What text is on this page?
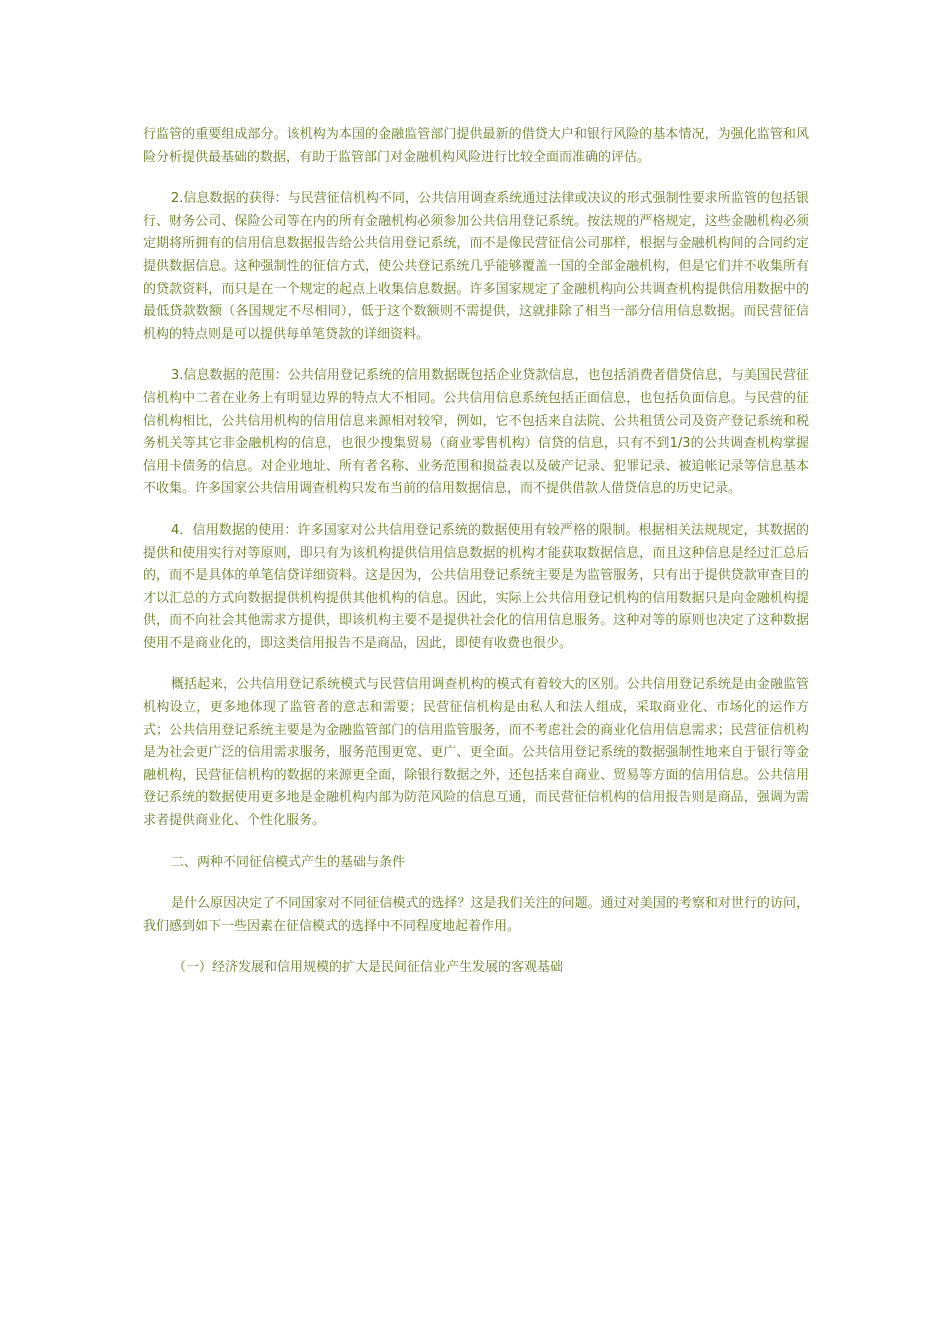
行监管的重要组成部分。该机构为本国的金融监管部门提供最新的借贷大户和银行风险的基本情况，为强化监管和风险分析提供最基础的数据，有助于监管部门对金融机构风险进行比较全面而准确的评估。

2.信息数据的获得：与民营征信机构不同，公共信用调查系统通过法律或决议的形式强制性要求所监管的包括银行、财务公司、保险公司等在内的所有金融机构必须参加公共信用登记系统。按法规的严格规定，这些金融机构必须定期将所拥有的信用信息数据报告给公共信用登记系统，而不是像民营征信公司那样，根据与金融机构间的合同约定提供数据信息。这种强制性的征信方式，使公共登记系统几乎能够覆盖一国的全部金融机构，但是它们并不收集所有的贷款资料，而只是在一个规定的起点上收集信息数据。许多国家规定了金融机构向公共调查机构提供信用数据中的最低贷款数额（各国规定不尽相同），低于这个数额则不需提供，这就排除了相当一部分信用信息数据。而民营征信机构的特点则是可以提供每单笔贷款的详细资料。

3.信息数据的范围：公共信用登记系统的信用数据既包括企业贷款信息，也包括消费者借贷信息，与美国民营征信机构中二者在业务上有明显边界的特点大不相同。公共信用信息系统包括正面信息，也包括负面信息。与民营的征信机构相比，公共信用机构的信用信息来源相对较窄，例如，它不包括来自法院、公共租赁公司及资产登记系统和税务机关等其它非金融机构的信息，也很少搜集贸易（商业零售机构）信贷的信息，只有不到1/3的公共调查机构掌握信用卡债务的信息。对企业地址、所有者名称、业务范围和损益表以及破产记录、犯罪记录、被追帐记录等信息基本不收集。许多国家公共信用调查机构只发布当前的信用数据信息，而不提供借款人借贷信息的历史记录。

4．信用数据的使用：许多国家对公共信用登记系统的数据使用有较严格的限制。根据相关法规规定，其数据的提供和使用实行对等原则，即只有为该机构提供信用信息数据的机构才能获取数据信息，而且这种信息是经过汇总后的，而不是具体的单笔信贷详细资料。这是因为，公共信用登记系统主要是为监管服务，只有出于提供贷款审查目的才以汇总的方式向数据提供机构提供其他机构的信息。因此，实际上公共信用登记机构的信用数据只是向金融机构提供，而不向社会其他需求方提供，即该机构主要不是提供社会化的信用信息服务。这种对等的原则也决定了这种数据使用不是商业化的，即这类信用报告不是商品，因此，即使有收费也很少。

概括起来，公共信用登记系统模式与民营信用调查机构的模式有着较大的区别。公共信用登记系统是由金融监管机构设立，更多地体现了监管者的意志和需要；民营征信机构是由私人和法人组成，采取商业化、市场化的运作方式；公共信用登记系统主要是为金融监管部门的信用监管服务，而不考虑社会的商业化信用信息需求；民营征信机构是为社会更广泛的信用需求服务，服务范围更宽、更广、更全面。公共信用登记系统的数据强制性地来自于银行等金融机构，民营征信机构的数据的来源更全面，除银行数据之外，还包括来自商业、贸易等方面的信用信息。公共信用登记系统的数据使用更多地是金融机构内部为防范风险的信息互通，而民营征信机构的信用报告则是商品，强调为需求者提供商业化、个性化服务。

二、两种不同征信模式产生的基础与条件

是什么原因决定了不同国家对不同征信模式的选择？这是我们关注的问题。通过对美国的考察和对世行的访问，我们感到如下一些因素在征信模式的选择中不同程度地起着作用。

（一）经济发展和信用规模的扩大是民间征信业产生发展的客观基础
